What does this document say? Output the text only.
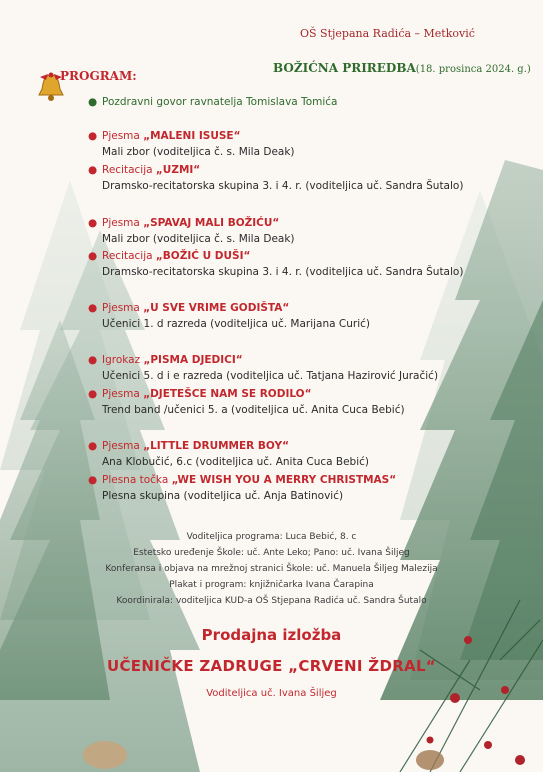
OŠ Stjepana Radića – Metković
PROGRAM:
BOŽIĆNA PRIREDBA(18. prosinca 2024. g.)
● Pozdravni govor ravnatelja Tomislava Tomića
● Pjesma „MALENI ISUSE“
Mali zbor (voditeljica č. s. Mila Deak)
● Recitacija „UZMI“
Dramsko-recitatorska skupina 3. i 4. r. (voditeljica uč. Sandra Šutalo)
● Pjesma „SPAVAJ MALI BOŽIĆU“
Mali zbor (voditeljica č. s. Mila Deak)
● Recitacija „BOŽIĆ U DUŠI“
Dramsko-recitatorska skupina 3. i 4. r. (voditeljica uč. Sandra Šutalo)
● Pjesma „U SVE VRIME GODIŠTA“
Učenici 1. d razreda (voditeljica uč. Marijana Curić)
● Igrokaz „PISMA DJEDICI“
Učenici 5. d i e razreda (voditeljica uč. Tatjana Hazirović Juračić)
● Pjesma „DJETEŠCE NAM SE RODILO“
Trend band /učenici 5. a (voditeljica uč. Anita Cuca Bebić)
● Pjesma „LITTLE DRUMMER BOY“
Ana Klobučić, 6.c (voditeljica uč. Anita Cuca Bebić)
● Plesna točka „WE WISH YOU A MERRY CHRISTMAS“
Plesna skupina (voditeljica uč. Anja Batinović)
Voditeljica programa: Luca Bebić, 8. c
Estetsko uređenje Škole: uč. Ante Leko; Pano: uč. Ivana Šiljeg
Konferansa i objava na mrežnoj stranici Škole: uč. Manuela Šiljeg Malezija
Plakat i program: knjižničarka Ivana Čarapina
Koordinirala: voditeljica KUD-a OŠ Stjepana Radića uč. Sandra Šutalo
Prodajna izložba
UČENIČKE ZADRUGE „CRVENI ŽDRAL“
Voditeljica uč. Ivana Šiljeg
